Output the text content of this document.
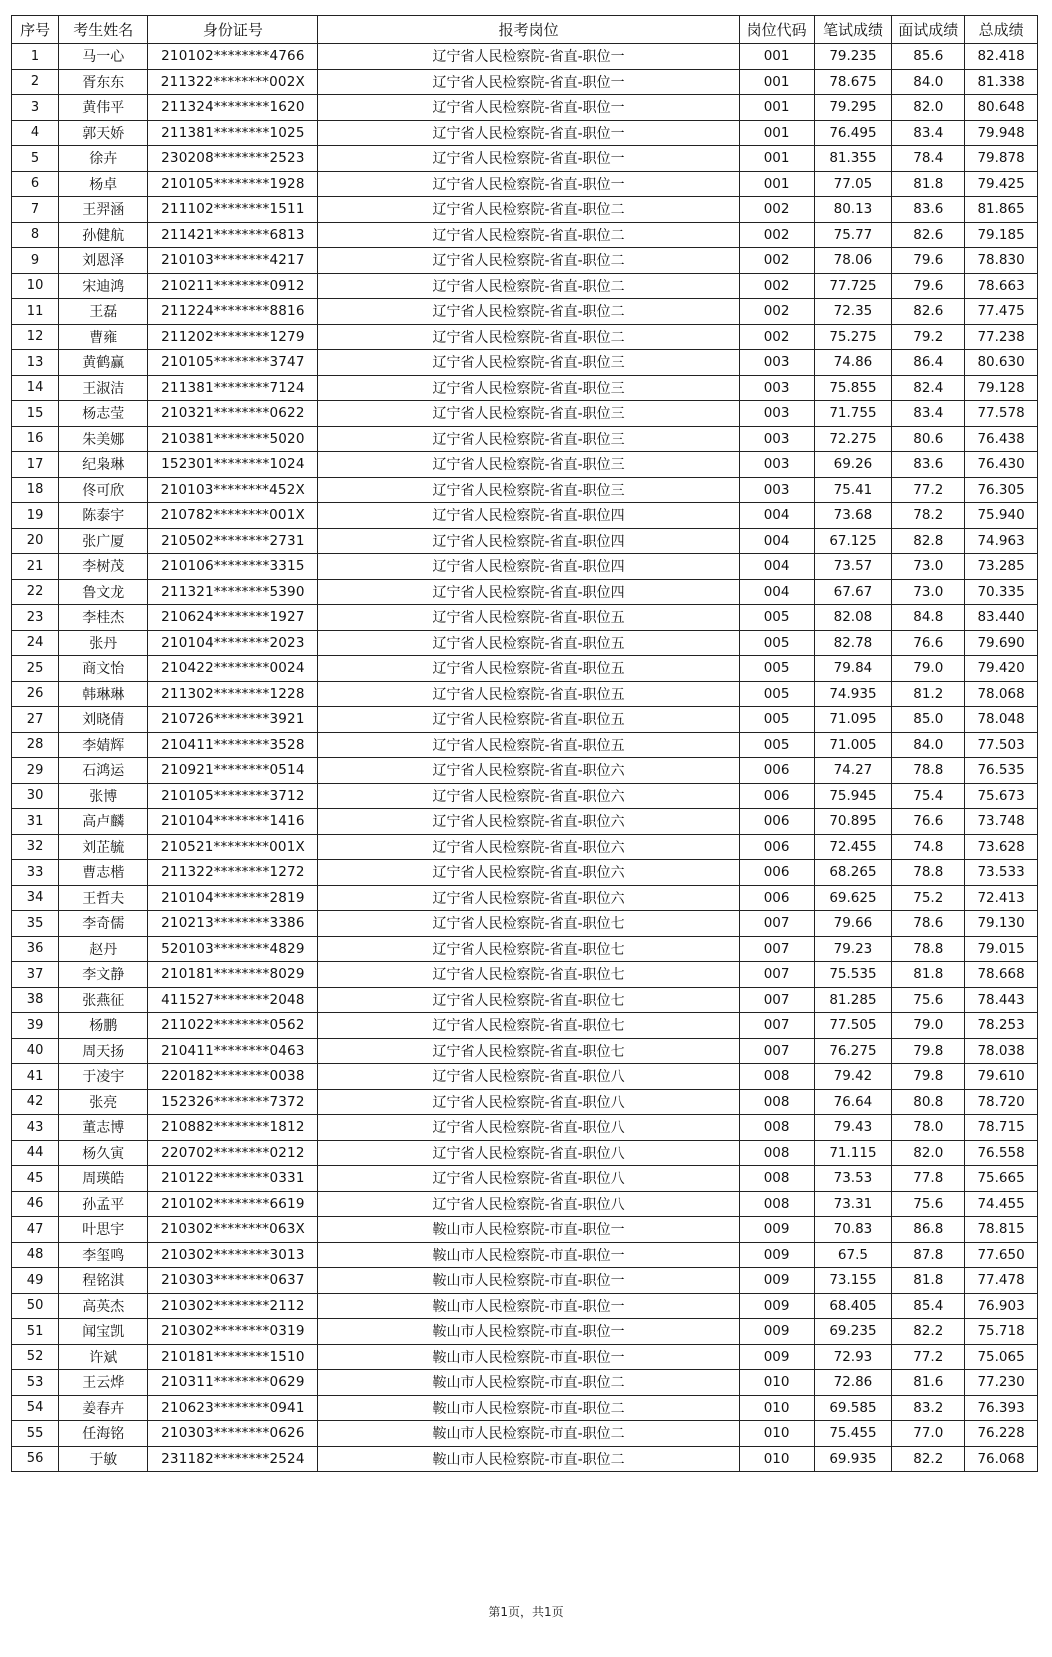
序号	考生姓名	身份证号	报考岗位	岗位代码	笔试成绩	面试成绩	总成绩
1	马一心	210102********4766	辽宁省人民检察院-省直-职位一	001	79.235	85.6	82.418
2	胥东东	211322********002X	辽宁省人民检察院-省直-职位一	001	78.675	84.0	81.338
3	黄伟平	211324********1620	辽宁省人民检察院-省直-职位一	001	79.295	82.0	80.648
4	郭天娇	211381********1025	辽宁省人民检察院-省直-职位一	001	76.495	83.4	79.948
5	徐卉	230208********2523	辽宁省人民检察院-省直-职位一	001	81.355	78.4	79.878
6	杨卓	210105********1928	辽宁省人民检察院-省直-职位一	001	77.05	81.8	79.425
7	王羿涵	211102********1511	辽宁省人民检察院-省直-职位二	002	80.13	83.6	81.865
8	孙健航	211421********6813	辽宁省人民检察院-省直-职位二	002	75.77	82.6	79.185
9	刘恩泽	210103********4217	辽宁省人民检察院-省直-职位二	002	78.06	79.6	78.830
10	宋迪鸿	210211********0912	辽宁省人民检察院-省直-职位二	002	77.725	79.6	78.663
11	王磊	211224********8816	辽宁省人民检察院-省直-职位二	002	72.35	82.6	77.475
12	曹雍	211202********1279	辽宁省人民检察院-省直-职位二	002	75.275	79.2	77.238
13	黄鹤赢	210105********3747	辽宁省人民检察院-省直-职位三	003	74.86	86.4	80.630
14	王淑洁	211381********7124	辽宁省人民检察院-省直-职位三	003	75.855	82.4	79.128
15	杨志莹	210321********0622	辽宁省人民检察院-省直-职位三	003	71.755	83.4	77.578
16	朱美娜	210381********5020	辽宁省人民检察院-省直-职位三	003	72.275	80.6	76.438
17	纪枭琳	152301********1024	辽宁省人民检察院-省直-职位三	003	69.26	83.6	76.430
18	佟可欣	210103********452X	辽宁省人民检察院-省直-职位三	003	75.41	77.2	76.305
19	陈泰宇	210782********001X	辽宁省人民检察院-省直-职位四	004	73.68	78.2	75.940
20	张广厦	210502********2731	辽宁省人民检察院-省直-职位四	004	67.125	82.8	74.963
21	李树茂	210106********3315	辽宁省人民检察院-省直-职位四	004	73.57	73.0	73.285
22	鲁文龙	211321********5390	辽宁省人民检察院-省直-职位四	004	67.67	73.0	70.335
23	李桂杰	210624********1927	辽宁省人民检察院-省直-职位五	005	82.08	84.8	83.440
24	张丹	210104********2023	辽宁省人民检察院-省直-职位五	005	82.78	76.6	79.690
25	商文怡	210422********0024	辽宁省人民检察院-省直-职位五	005	79.84	79.0	79.420
26	韩琳琳	211302********1228	辽宁省人民检察院-省直-职位五	005	74.935	81.2	78.068
27	刘晓倩	210726********3921	辽宁省人民检察院-省直-职位五	005	71.095	85.0	78.048
28	李婧辉	210411********3528	辽宁省人民检察院-省直-职位五	005	71.005	84.0	77.503
29	石鸿运	210921********0514	辽宁省人民检察院-省直-职位六	006	74.27	78.8	76.535
30	张博	210105********3712	辽宁省人民检察院-省直-职位六	006	75.945	75.4	75.673
31	高卢麟	210104********1416	辽宁省人民检察院-省直-职位六	006	70.895	76.6	73.748
32	刘芷毓	210521********001X	辽宁省人民检察院-省直-职位六	006	72.455	74.8	73.628
33	曹志楷	211322********1272	辽宁省人民检察院-省直-职位六	006	68.265	78.8	73.533
34	王哲夫	210104********2819	辽宁省人民检察院-省直-职位六	006	69.625	75.2	72.413
35	李奇儒	210213********3386	辽宁省人民检察院-省直-职位七	007	79.66	78.6	79.130
36	赵丹	520103********4829	辽宁省人民检察院-省直-职位七	007	79.23	78.8	79.015
37	李文静	210181********8029	辽宁省人民检察院-省直-职位七	007	75.535	81.8	78.668
38	张燕征	411527********2048	辽宁省人民检察院-省直-职位七	007	81.285	75.6	78.443
39	杨鹏	211022********0562	辽宁省人民检察院-省直-职位七	007	77.505	79.0	78.253
40	周天扬	210411********0463	辽宁省人民检察院-省直-职位七	007	76.275	79.8	78.038
41	于凌宇	220182********0038	辽宁省人民检察院-省直-职位八	008	79.42	79.8	79.610
42	张亮	152326********7372	辽宁省人民检察院-省直-职位八	008	76.64	80.8	78.720
43	董志博	210882********1812	辽宁省人民检察院-省直-职位八	008	79.43	78.0	78.715
44	杨久寅	220702********0212	辽宁省人民检察院-省直-职位八	008	71.115	82.0	76.558
45	周瑛皓	210122********0331	辽宁省人民检察院-省直-职位八	008	73.53	77.8	75.665
46	孙孟平	210102********6619	辽宁省人民检察院-省直-职位八	008	73.31	75.6	74.455
47	叶思宇	210302********063X	鞍山市人民检察院-市直-职位一	009	70.83	86.8	78.815
48	李玺鸣	210302********3013	鞍山市人民检察院-市直-职位一	009	67.5	87.8	77.650
49	程铭淇	210303********0637	鞍山市人民检察院-市直-职位一	009	73.155	81.8	77.478
50	高英杰	210302********2112	鞍山市人民检察院-市直-职位一	009	68.405	85.4	76.903
51	闻宝凯	210302********0319	鞍山市人民检察院-市直-职位一	009	69.235	82.2	75.718
52	许斌	210181********1510	鞍山市人民检察院-市直-职位一	009	72.93	77.2	75.065
53	王云烨	210311********0629	鞍山市人民检察院-市直-职位二	010	72.86	81.6	77.230
54	姜春卉	210623********0941	鞍山市人民检察院-市直-职位二	010	69.585	83.2	76.393
55	任海铭	210303********0626	鞍山市人民检察院-市直-职位二	010	75.455	77.0	76.228
56	于敏	231182********2524	鞍山市人民检察院-市直-职位二	010	69.935	82.2	76.068
第1页，共1页
